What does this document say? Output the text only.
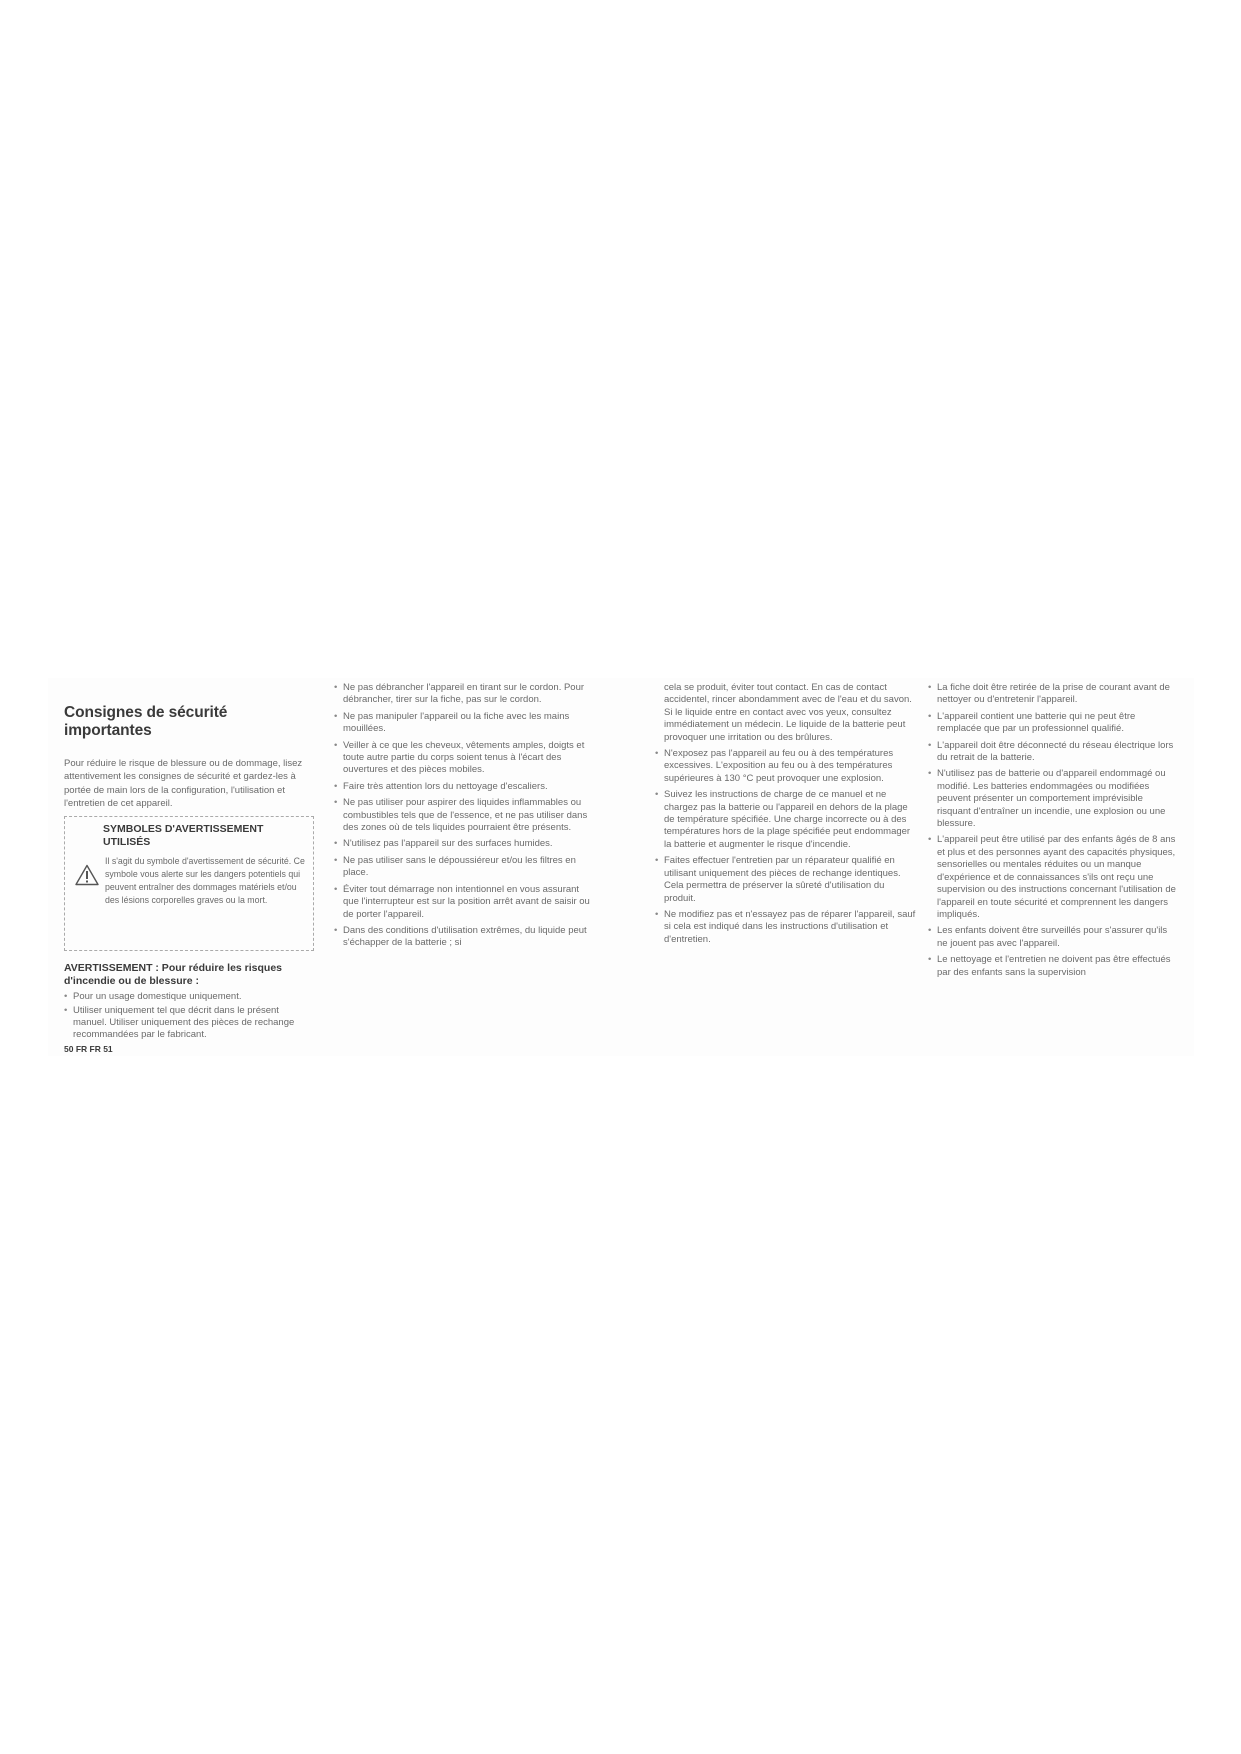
Consignes de sécurité importantes

Pour réduire le risque de blessure ou de dommage, lisez attentivement les consignes de sécurité et gardez-les à portée de main lors de la configuration, l'utilisation et l'entretien de cet appareil.

SYMBOLES D'AVERTISSEMENT UTILISÉS
Il s'agit du symbole d'avertissement de sécurité. Ce symbole vous alerte sur les dangers potentiels qui peuvent entraîner des dommages matériels et/ou des lésions corporelles graves ou la mort.

AVERTISSEMENT : Pour réduire les risques d'incendie ou de blessure :

• Pour un usage domestique uniquement.
• Utiliser uniquement tel que décrit dans le présent manuel. Utiliser uniquement des pièces de rechange recommandées par le fabricant.
50 FR FR 51
• Ne pas débrancher l'appareil en tirant sur le cordon. Pour débrancher, tirer sur la fiche, pas sur le cordon.
• Ne pas manipuler l'appareil ou la fiche avec les mains mouillées.
• Veiller à ce que les cheveux, vêtements amples, doigts et toute autre partie du corps soient tenus à l'écart des ouvertures et des pièces mobiles.
• Faire très attention lors du nettoyage d'escaliers.
• Ne pas utiliser pour aspirer des liquides inflammables ou combustibles tels que de l'essence, et ne pas utiliser dans des zones où de tels liquides pourraient être présents.
• N'utilisez pas l'appareil sur des surfaces humides.
• Ne pas utiliser sans le dépoussiéreur et/ou les filtres en place.
• Éviter tout démarrage non intentionnel en vous assurant que l'interrupteur est sur la position arrêt avant de saisir ou de porter l'appareil.
• Dans des conditions d'utilisation extrêmes, du liquide peut s'échapper de la batterie ; si
cela se produit, éviter tout contact. En cas de contact accidentel, rincer abondamment avec de l'eau et du savon. Si le liquide entre en contact avec vos yeux, consultez immédiatement un médecin. Le liquide de la batterie peut provoquer une irritation ou des brûlures.
• N'exposez pas l'appareil au feu ou à des températures excessives. L'exposition au feu ou à des températures supérieures à 130 °C peut provoquer une explosion.
• Suivez les instructions de charge de ce manuel et ne chargez pas la batterie ou l'appareil en dehors de la plage de température spécifiée. Une charge incorrecte ou à des températures hors de la plage spécifiée peut endommager la batterie et augmenter le risque d'incendie.
• Faites effectuer l'entretien par un réparateur qualifié en utilisant uniquement des pièces de rechange identiques. Cela permettra de préserver la sûreté d'utilisation du produit.
• Ne modifiez pas et n'essayez pas de réparer l'appareil, sauf si cela est indiqué dans les instructions d'utilisation et d'entretien.
• La fiche doit être retirée de la prise de courant avant de nettoyer ou d'entretenir l'appareil.
• L'appareil contient une batterie qui ne peut être remplacée que par un professionnel qualifié.
• L'appareil doit être déconnecté du réseau électrique lors du retrait de la batterie.
• N'utilisez pas de batterie ou d'appareil endommagé ou modifié. Les batteries endommagées ou modifiées peuvent présenter un comportement imprévisible risquant d'entraîner un incendie, une explosion ou une blessure.
• L'appareil peut être utilisé par des enfants âgés de 8 ans et plus et des personnes ayant des capacités physiques, sensorielles ou mentales réduites ou un manque d'expérience et de connaissances s'ils ont reçu une supervision ou des instructions concernant l'utilisation de l'appareil en toute sécurité et comprennent les dangers impliqués.
• Les enfants doivent être surveillés pour s'assurer qu'ils ne jouent pas avec l'appareil.
• Le nettoyage et l'entretien ne doivent pas être effectués par des enfants sans la supervision
